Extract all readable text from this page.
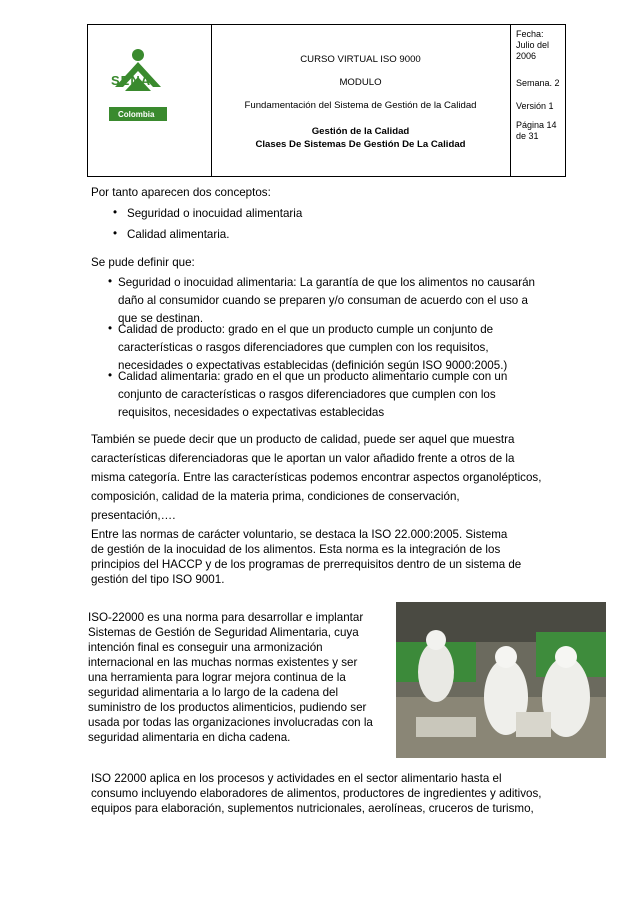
SENA
Colombia
CURSO VIRTUAL ISO 9000
MODULO
Fundamentación del Sistema de Gestión de la Calidad
Gestión de la Calidad
Clases De Sistemas De Gestión De La Calidad
Fecha:
Julio del
2006
Semana. 2
Versión 1
Página 14
de 31
Por tanto aparecen dos conceptos:
• Seguridad o inocuidad alimentaria
• Calidad alimentaria.
Se pude definir que:
• Seguridad o inocuidad alimentaria: La garantía de que los alimentos no causarán
daño al consumidor cuando se preparen y/o consuman de acuerdo con el uso a
que se destinan.
• Calidad de producto: grado en el que un producto cumple un conjunto de
características o rasgos diferenciadores que cumplen con los requisitos,
necesidades o expectativas establecidas (definición según ISO 9000:2005.)
• Calidad alimentaria: grado en el que un producto alimentario cumple con un
conjunto de características o rasgos diferenciadores que cumplen con los
requisitos, necesidades o expectativas establecidas
También se puede decir que un producto de calidad, puede ser aquel que muestra
características diferenciadoras que le aportan un valor añadido frente a otros de la
misma categoría. Entre las características podemos encontrar aspectos organolépticos,
composición, calidad de la materia prima, condiciones de conservación,
presentación,….
Entre las normas de carácter voluntario, se destaca la ISO 22.000:2005. Sistema
de gestión de la inocuidad de los alimentos. Esta norma es la integración de los
principios del HACCP y de los programas de prerrequisitos dentro de un sistema de
gestión del tipo ISO 9001.
ISO-22000 es una norma para desarrollar e implantar
Sistemas de Gestión de Seguridad Alimentaria, cuya
intención final es conseguir una armonización
internacional en las muchas normas existentes y ser
una herramienta para lograr mejora continua de la
seguridad alimentaria a lo largo de la cadena del
suministro de los productos alimenticios, pudiendo ser
usada por todas las organizaciones involucradas con la
seguridad alimentaria en dicha cadena.
ISO 22000 aplica en los procesos y actividades en el sector alimentario hasta el
consumo incluyendo elaboradores de alimentos, productores de ingredientes y aditivos,
equipos para elaboración, suplementos nutricionales, aerolíneas, cruceros de turismo,
